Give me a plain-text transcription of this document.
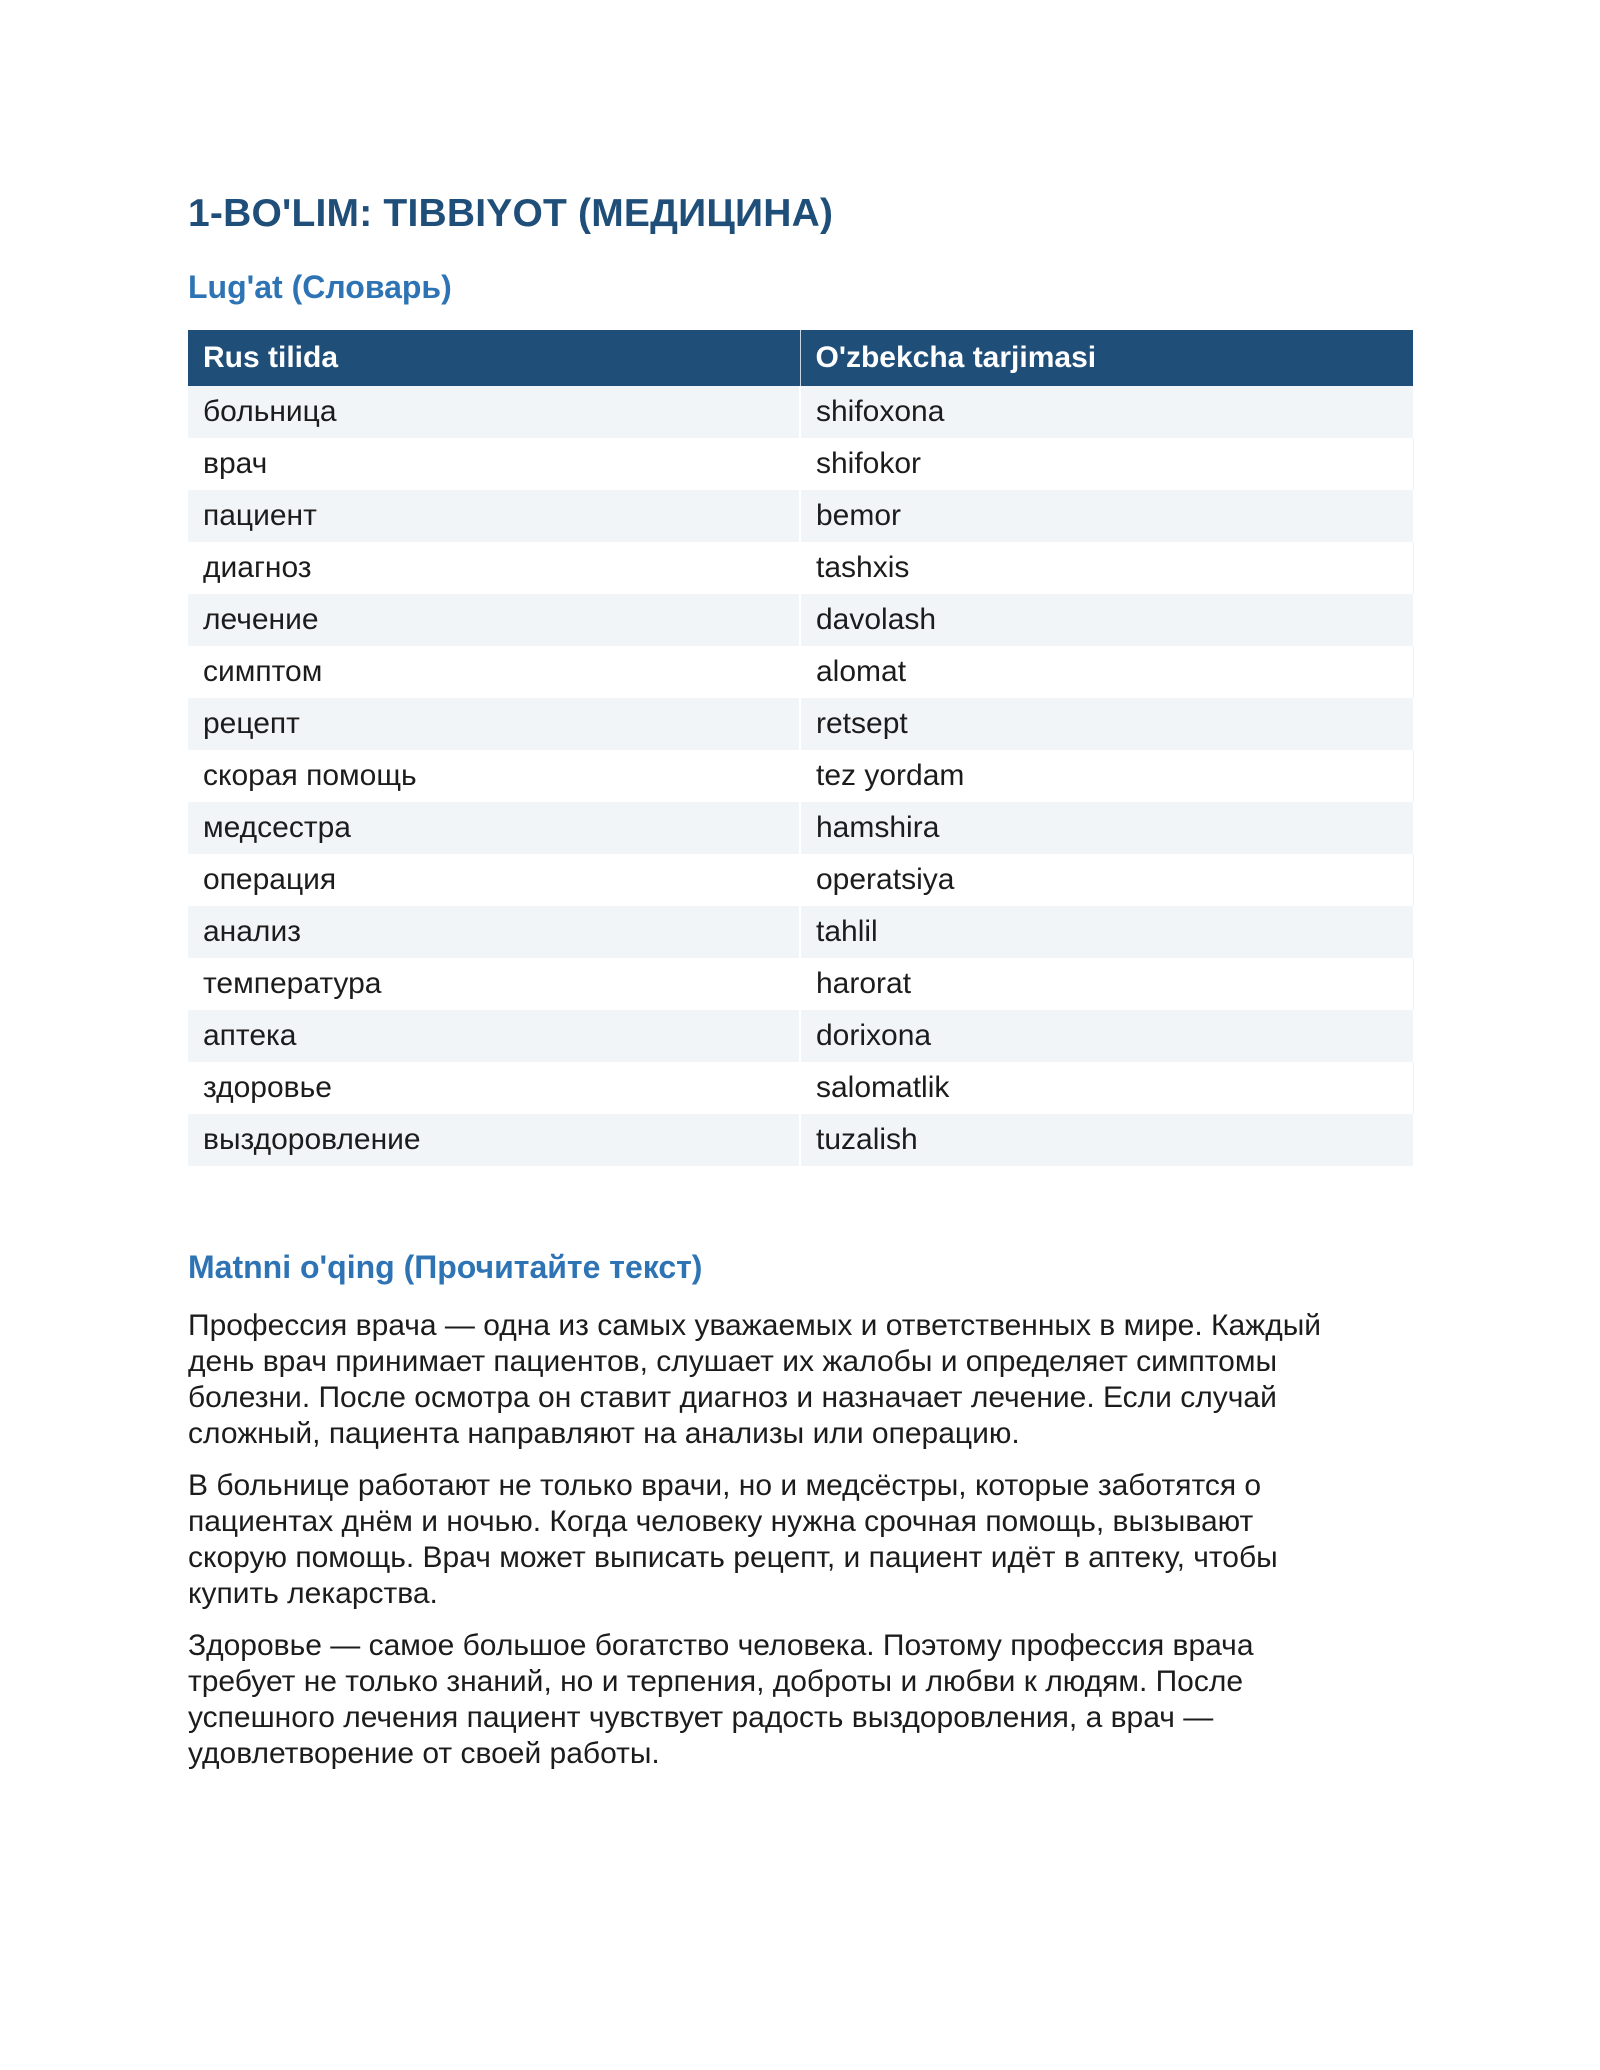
1-BO'LIM: TIBBIYOT (МЕДИЦИНА)
Lug'at (Словарь)
Rus tilida	O'zbekcha tarjimasi
больница	shifoxona
врач	shifokor
пациент	bemor
диагноз	tashxis
лечение	davolash
симптом	alomat
рецепт	retsept
скорая помощь	tez yordam
медсестра	hamshira
операция	operatsiya
анализ	tahlil
температура	harorat
аптека	dorixona
здоровье	salomatlik
выздоровление	tuzalish
Matnni o'qing (Прочитайте текст)

Профессия врача — одна из самых уважаемых и ответственных в мире. Каждый
день врач принимает пациентов, слушает их жалобы и определяет симптомы
болезни. После осмотра он ставит диагноз и назначает лечение. Если случай
сложный, пациента направляют на анализы или операцию.

В больнице работают не только врачи, но и медсёстры, которые заботятся о
пациентах днём и ночью. Когда человеку нужна срочная помощь, вызывают
скорую помощь. Врач может выписать рецепт, и пациент идёт в аптеку, чтобы
купить лекарства.

Здоровье — самое большое богатство человека. Поэтому профессия врача
требует не только знаний, но и терпения, доброты и любви к людям. После
успешного лечения пациент чувствует радость выздоровления, а врач —
удовлетворение от своей работы.
